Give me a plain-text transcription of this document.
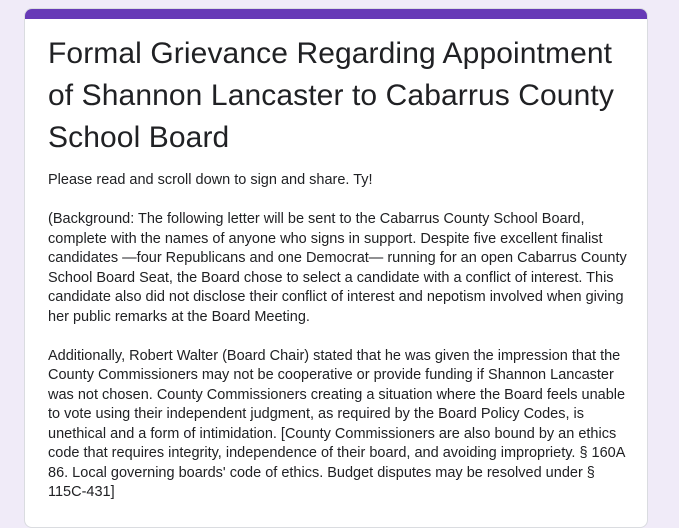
Formal Grievance Regarding Appointment of Shannon Lancaster to Cabarrus County School Board

Please read and scroll down to sign and share. Ty!

(Background: The following letter will be sent to the Cabarrus County School Board, complete with the names of anyone who signs in support. Despite five excellent finalist candidates —four Republicans and one Democrat— running for an open Cabarrus County School Board Seat, the Board chose to select a candidate with a conflict of interest. This candidate also did not disclose their conflict of interest and nepotism involved when giving her public remarks at the Board Meeting.

Additionally, Robert Walter (Board Chair) stated that he was given the impression that the County Commissioners may not be cooperative or provide funding if Shannon Lancaster was not chosen. County Commissioners creating a situation where the Board feels unable to vote using their independent judgment, as required by the Board Policy Codes, is unethical and a form of intimidation. [County Commissioners are also bound by an ethics code that requires integrity, independence of their board, and avoiding impropriety. § 160A 86. Local governing boards' code of ethics. Budget disputes may be resolved under § 115C-431]
